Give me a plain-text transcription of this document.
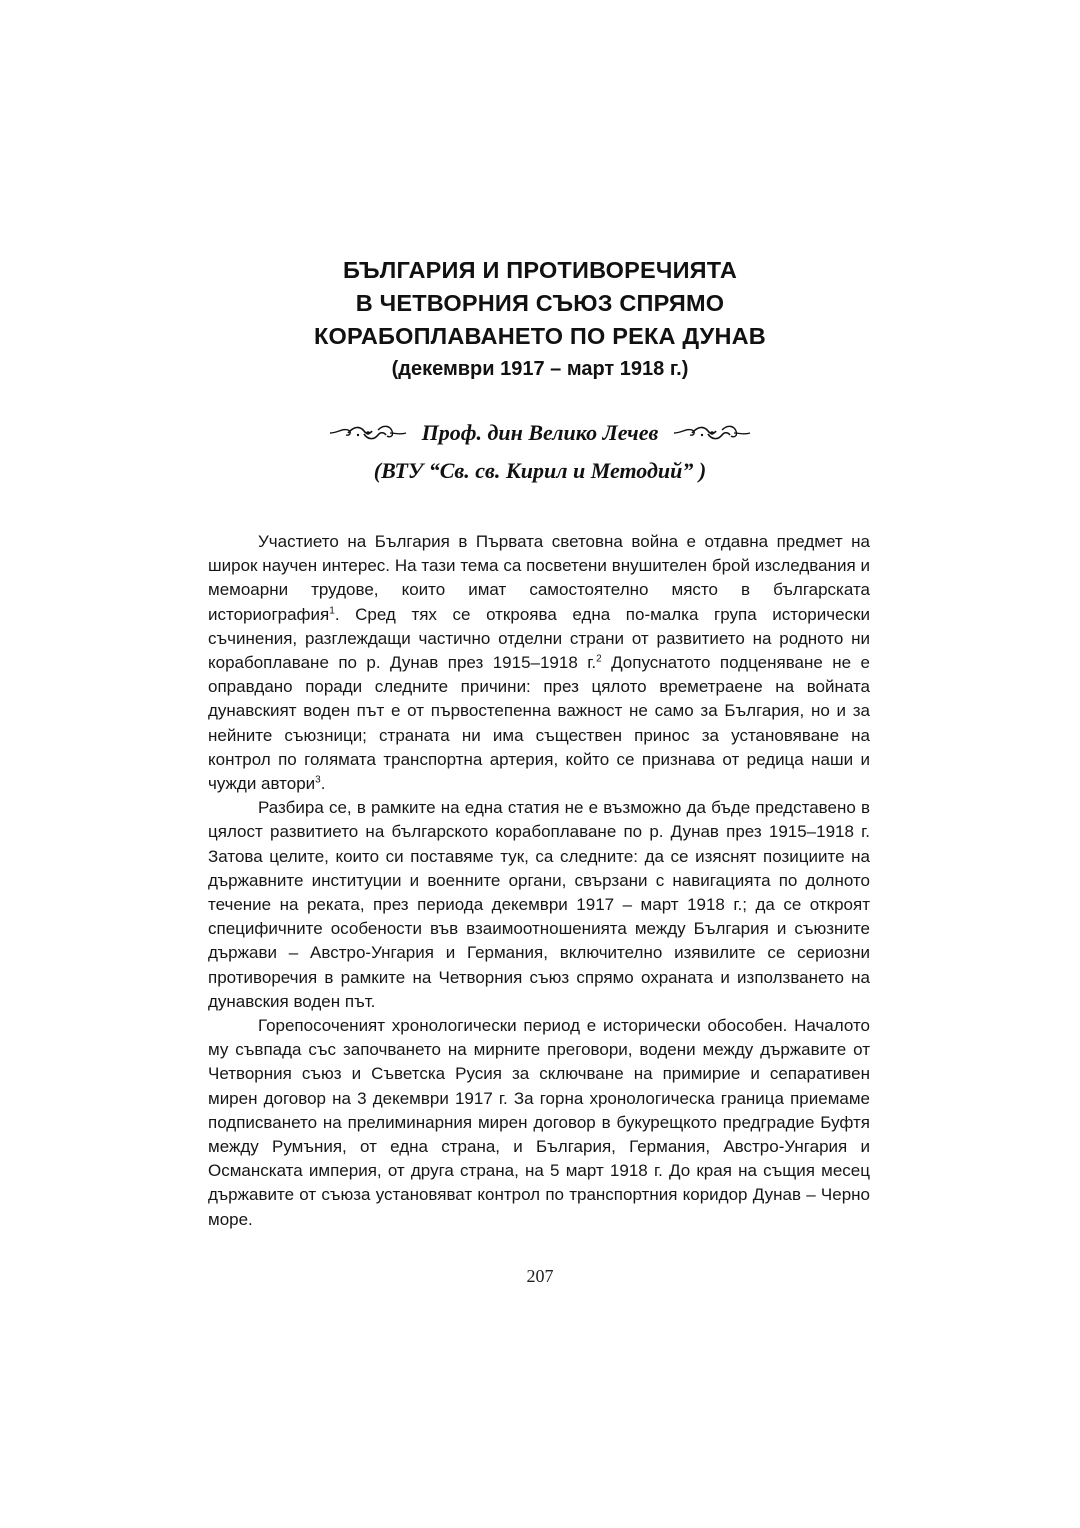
БЪЛГАРИЯ И ПРОТИВОРЕЧИЯТА
В ЧЕТВОРНИЯ СЪЮЗ СПРЯМО
КОРАБОПЛАВАНЕТО ПО РЕКА ДУНАВ
(декември 1917 – март 1918 г.)
Проф. дин Велико Лечев
(ВТУ “Св. св. Кирил и Методий” )

Участието на България в Първата световна война е отдавна предмет на широк научен интерес. На тази тема са посветени внушителен брой изследвания и мемоарни трудове, които имат самостоятелно място в българската историография$^1$. Сред тях се откроява една по-малка група исторически съчинения, разглеждащи частично отделни страни от развитието на родното ни корабоплаване по р. Дунав през 1915–1918 г.$^2$ Допуснатото подценяване не е оправдано поради следните причини: през цялото времетраене на войната дунавският воден път е от първостепенна важност не само за България, но и за нейните съюзници; страната ни има съществен принос за установяване на контрол по голямата транспортна артерия, който се признава от редица наши и чужди автори$^3$.

Разбира се, в рамките на една статия не е възможно да бъде представено в цялост развитието на българското корабоплаване по р. Дунав през 1915–1918 г. Затова целите, които си поставяме тук, са следните: да се изяснят позициите на държавните институции и военните органи, свързани с навигацията по долното течение на реката, през периода декември 1917 – март 1918 г.; да се откроят специфичните особености във взаимоотношенията между България и съюзните държави – Австро-Унгария и Германия, включително изявилите се сериозни противоречия в рамките на Четворния съюз спрямо охраната и използването на дунавския воден път.

Горепосоченият хронологически период е исторически обособен. Началото му съвпада със започването на мирните преговори, водени между държавите от Четворния съюз и Съветска Русия за сключване на примирие и сепаративен мирен договор на 3 декември 1917 г. За горна хронологическа граница приемаме подписването на прелиминарния мирен договор в букурещкото предградие Буфтя между Румъния, от една страна, и България, Германия, Австро-Унгария и Османската империя, от друга страна, на 5 март 1918 г. До края на същия месец държавите от съюза установяват контрол по транспортния коридор Дунав – Черно море.

207
